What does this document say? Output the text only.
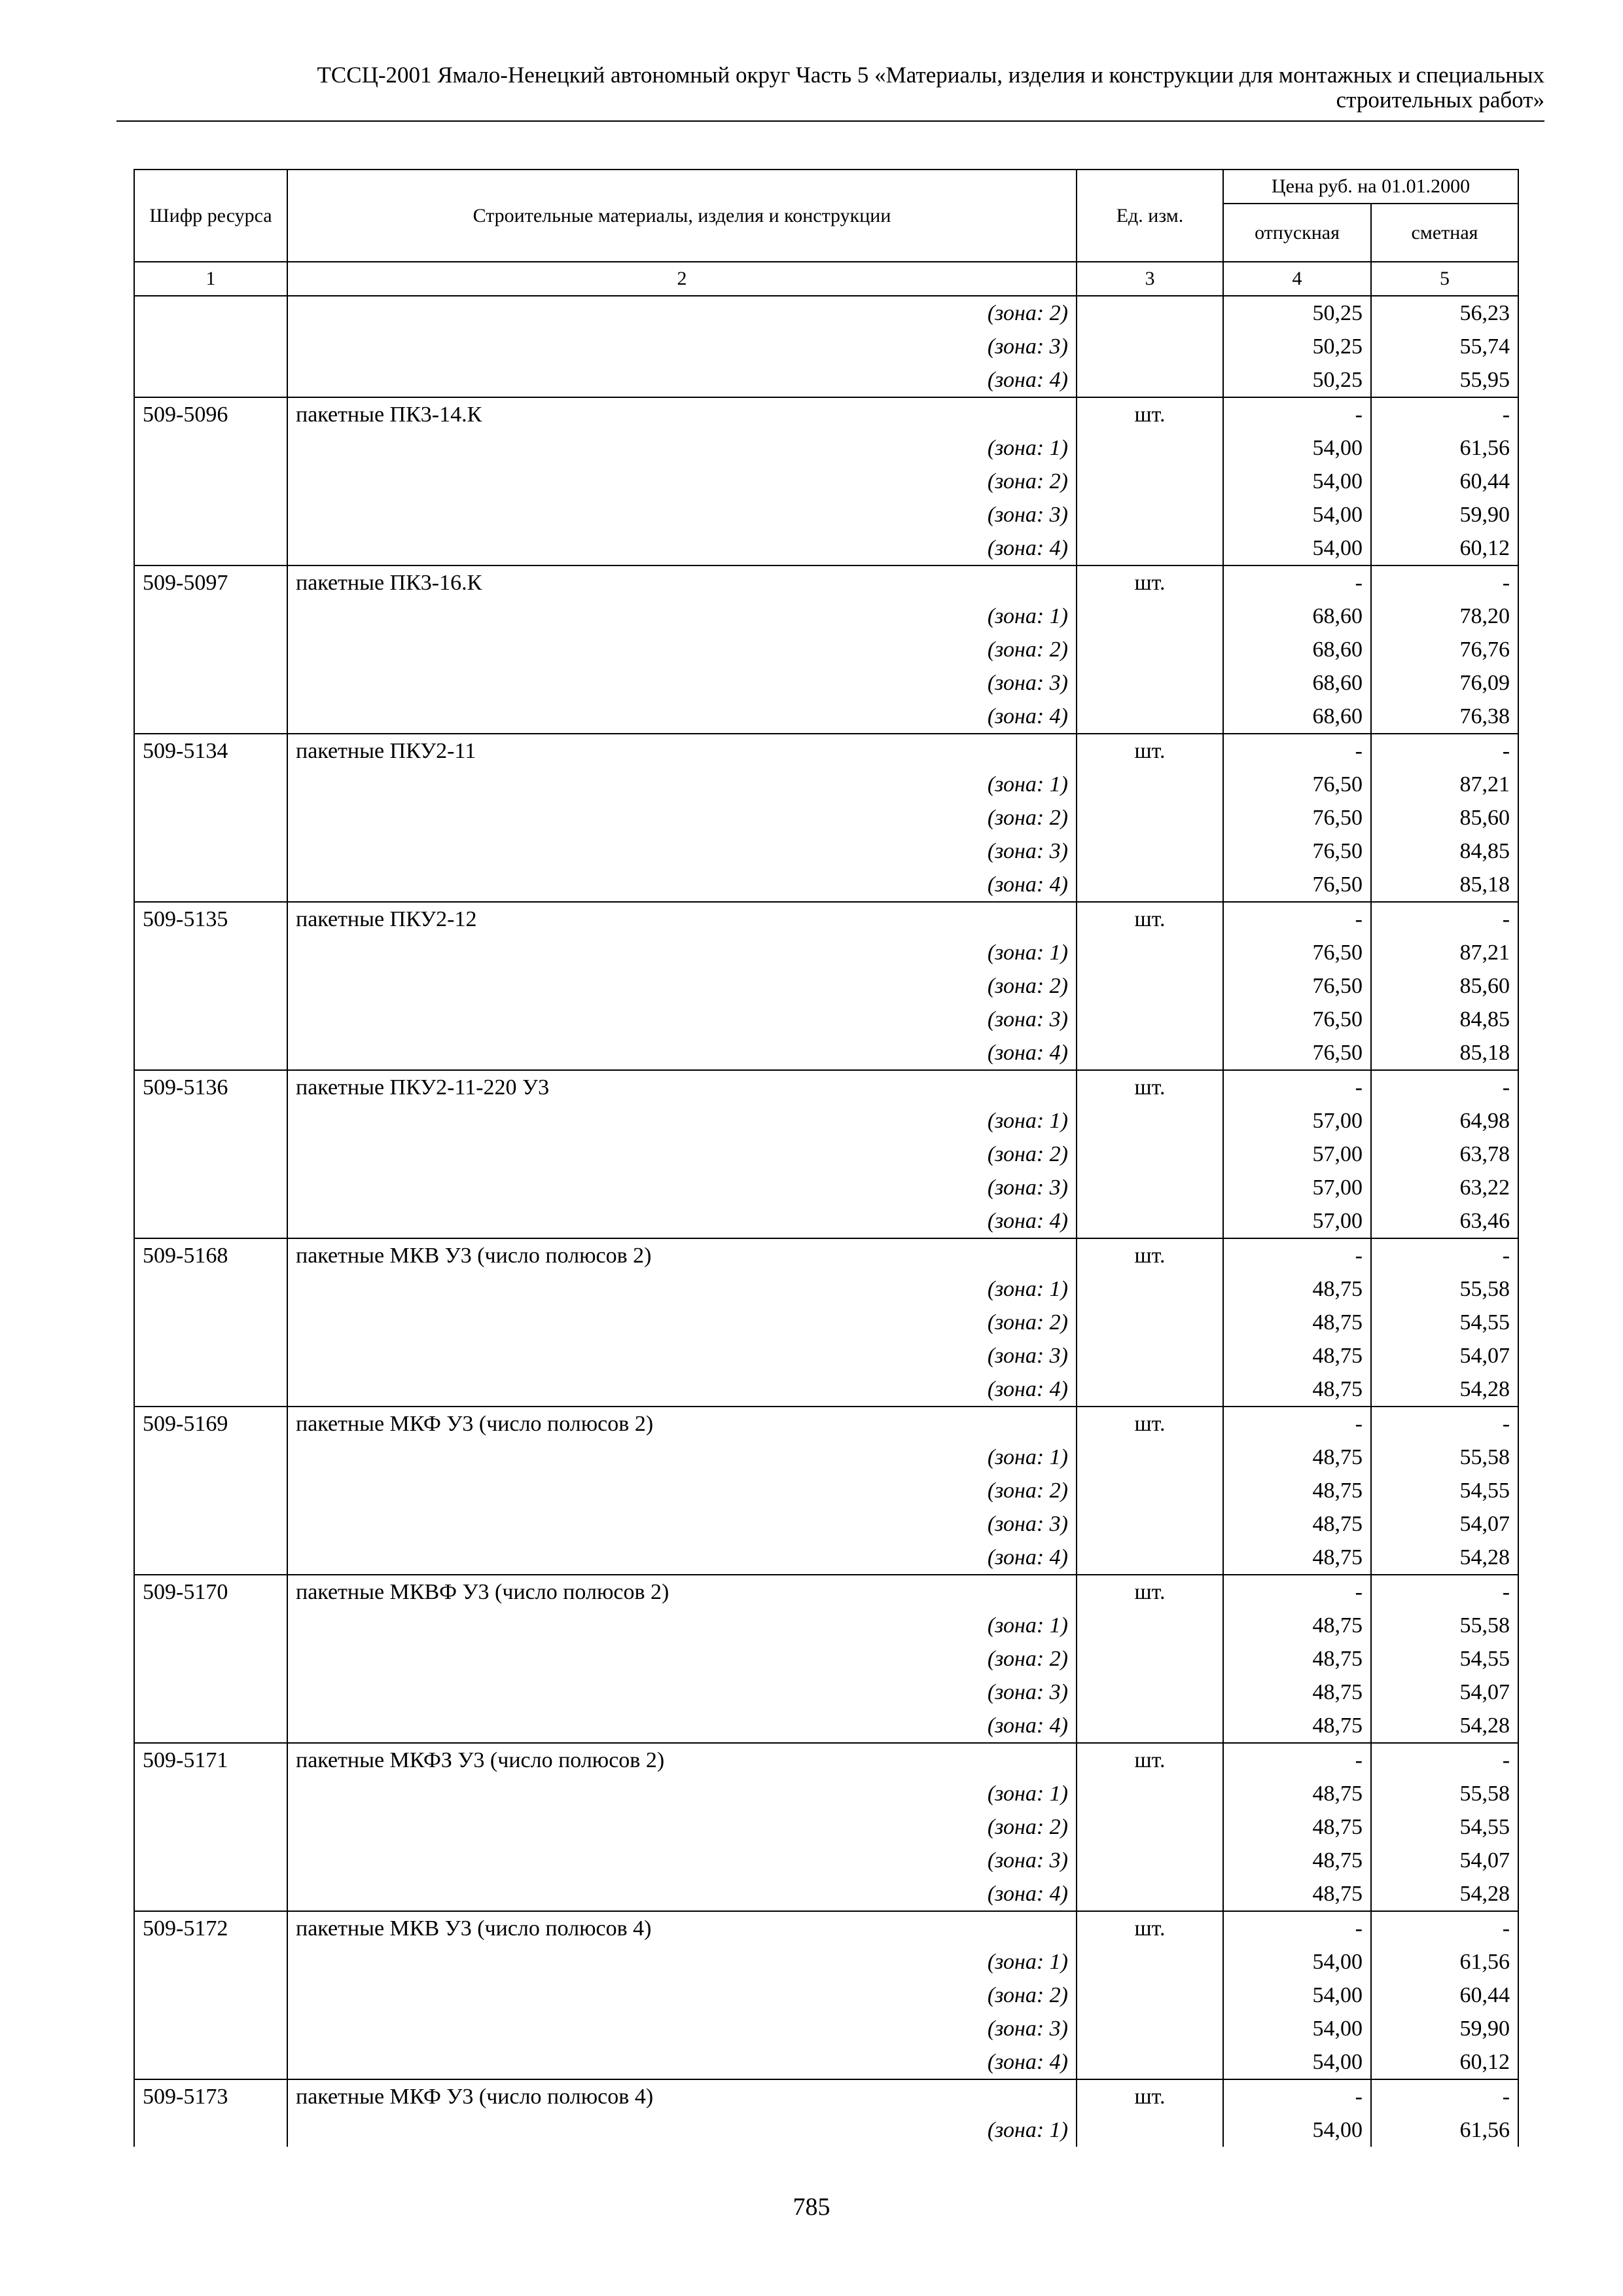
ТССЦ-2001 Ямало-Ненецкий автономный округ Часть 5 «Материалы, изделия и конструкции для монтажных и специальных
строительных работ»
Шифр ресурса	Строительные материалы, изделия и конструкции	Ед. изм.	Цена руб. на 01.01.2000	
			отпускная	сметная
1	2	3	4	5
	(зона: 2)		50,25	56,23
	(зона: 3)		50,25	55,74
	(зона: 4)		50,25	55,95
509-5096	пакетные ПК3-14.К	шт.	-	-
	(зона: 1)		54,00	61,56
	(зона: 2)		54,00	60,44
	(зона: 3)		54,00	59,90
	(зона: 4)		54,00	60,12
509-5097	пакетные ПК3-16.К	шт.	-	-
	(зона: 1)		68,60	78,20
	(зона: 2)		68,60	76,76
	(зона: 3)		68,60	76,09
	(зона: 4)		68,60	76,38
509-5134	пакетные ПКУ2-11	шт.	-	-
	(зона: 1)		76,50	87,21
	(зона: 2)		76,50	85,60
	(зона: 3)		76,50	84,85
	(зона: 4)		76,50	85,18
509-5135	пакетные ПКУ2-12	шт.	-	-
	(зона: 1)		76,50	87,21
	(зона: 2)		76,50	85,60
	(зона: 3)		76,50	84,85
	(зона: 4)		76,50	85,18
509-5136	пакетные ПКУ2-11-220 У3	шт.	-	-
	(зона: 1)		57,00	64,98
	(зона: 2)		57,00	63,78
	(зона: 3)		57,00	63,22
	(зона: 4)		57,00	63,46
509-5168	пакетные МКВ У3 (число полюсов 2)	шт.	-	-
	(зона: 1)		48,75	55,58
	(зона: 2)		48,75	54,55
	(зона: 3)		48,75	54,07
	(зона: 4)		48,75	54,28
509-5169	пакетные МКФ У3 (число полюсов 2)	шт.	-	-
	(зона: 1)		48,75	55,58
	(зона: 2)		48,75	54,55
	(зона: 3)		48,75	54,07
	(зона: 4)		48,75	54,28
509-5170	пакетные МКВФ У3 (число полюсов 2)	шт.	-	-
	(зона: 1)		48,75	55,58
	(зона: 2)		48,75	54,55
	(зона: 3)		48,75	54,07
	(зона: 4)		48,75	54,28
509-5171	пакетные МКФЗ У3 (число полюсов 2)	шт.	-	-
	(зона: 1)		48,75	55,58
	(зона: 2)		48,75	54,55
	(зона: 3)		48,75	54,07
	(зона: 4)		48,75	54,28
509-5172	пакетные МКВ У3 (число полюсов 4)	шт.	-	-
	(зона: 1)		54,00	61,56
	(зона: 2)		54,00	60,44
	(зона: 3)		54,00	59,90
	(зона: 4)		54,00	60,12
509-5173	пакетные МКФ У3 (число полюсов 4)	шт.	-	-
	(зона: 1)		54,00	61,56
785
